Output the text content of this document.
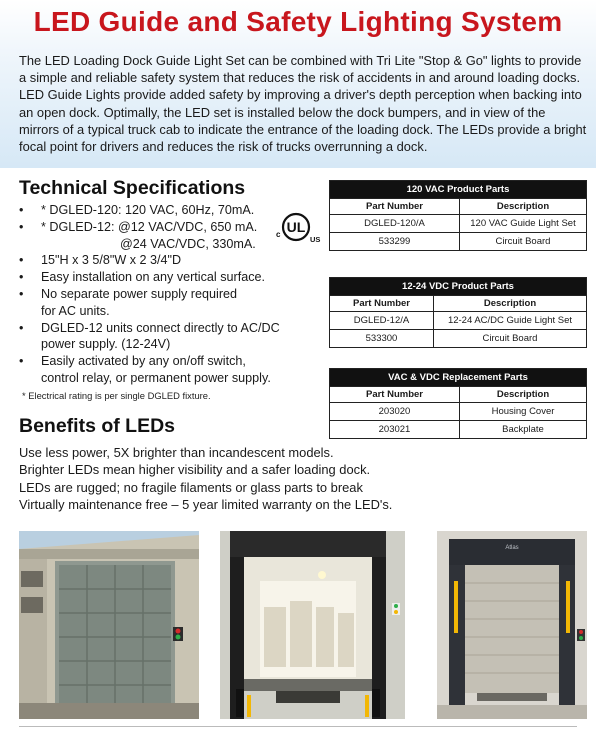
LED Guide and Safety Lighting System

The LED Loading Dock Guide Light Set can be combined with Tri Lite "Stop & Go" lights to provide a simple and reliable safety system that reduces the risk of accidents in and around loading docks. LED Guide Lights provide added safety by improving a driver's depth perception when backing into an open dock. Optimally, the LED set is installed below the dock bumpers, and in view of the mirrors of a typical truck cab to indicate the entrance of the loading dock. The LEDs provide a bright focal point for drivers and reduces the risk of trucks overrunning a dock.

Technical Specifications
•	* DGLED-120: 120 VAC, 60Hz, 70mA.
•	* DGLED-12: @12 VAC/VDC, 650 mA.
@24 VAC/VDC, 330mA.
•	15"H x 3 5/8"W x 2 3/4"D
•	Easy installation on any vertical surface.
•	No separate power supply required
for AC units.
•	DGLED-12 units connect directly to AC/DC
power supply. (12-24V)
•	Easily activated by any on/off switch,
control relay, or permanent power supply.
* Electrical rating is per single DGLED fixture.
UL
c
US
120 VAC Product Parts
Part Number	Description
DGLED-120/A	120 VAC Guide Light Set
533299	Circuit Board
12-24 VDC Product Parts
Part Number	Description
DGLED-12/A	12-24 AC/DC Guide Light Set
533300	Circuit Board
VAC & VDC Replacement Parts
Part Number	Description
203020	Housing Cover
203021	Backplate
Benefits of LEDs
Use less power, 5X brighter than incandescent models.
Brighter LEDs mean higher visibility and a safer loading dock.
LEDs are rugged; no fragile filaments or glass parts to break
Virtually maintenance free – 5 year limited warranty on the LED's.
Atlas
